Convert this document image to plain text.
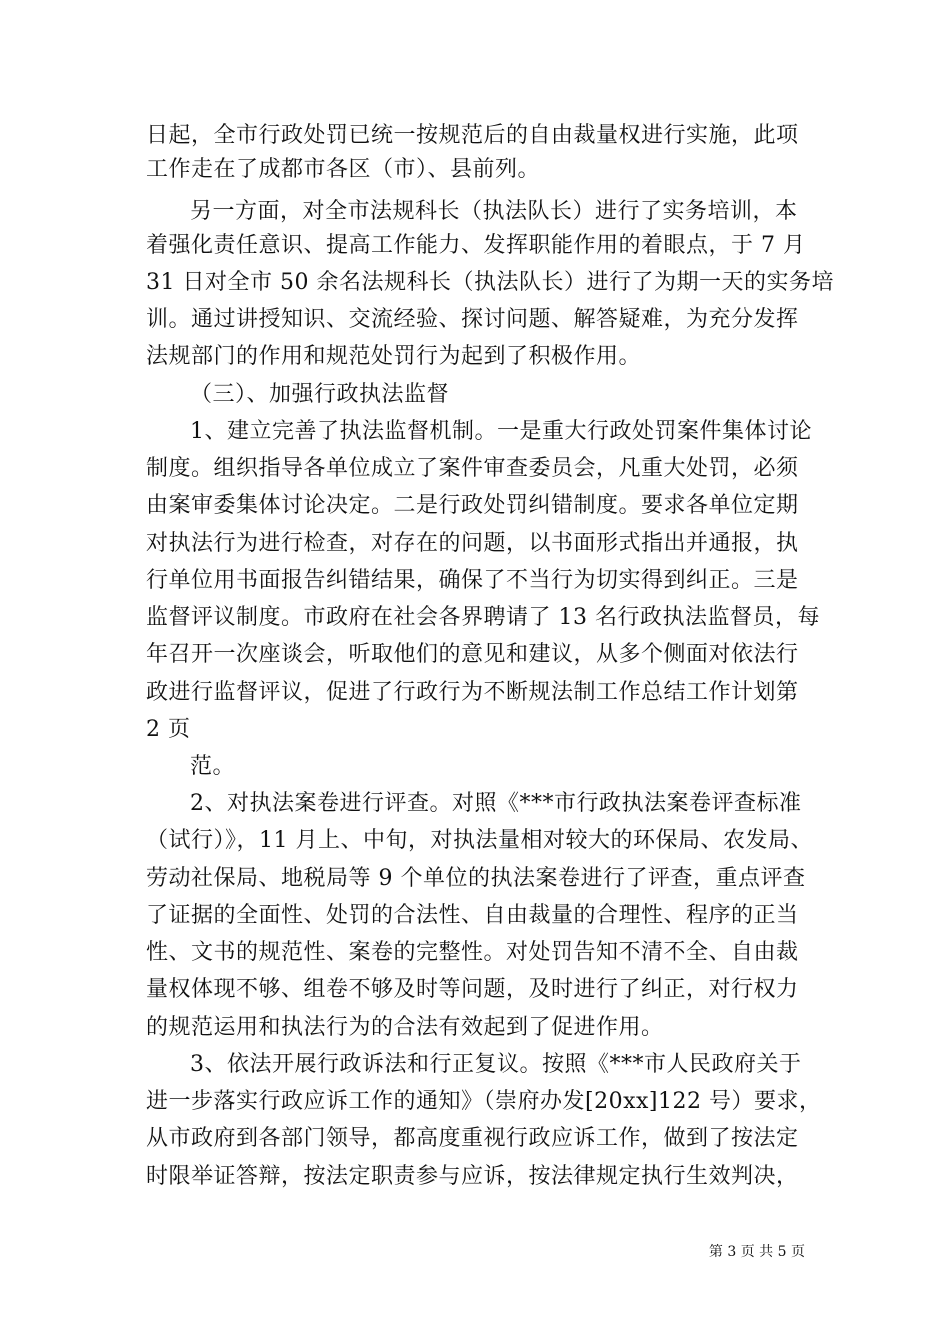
日起，全市行政处罚已统一按规范后的自由裁量权进行实施，此项
工作走在了成都市各区（市）、县前列。
另一方面，对全市法规科长（执法队长）进行了实务培训，本
着强化责任意识、提高工作能力、发挥职能作用的着眼点，于 7 月
31 日对全市 50 余名法规科长（执法队长）进行了为期一天的实务培
训。通过讲授知识、交流经验、探讨问题、解答疑难，为充分发挥
法规部门的作用和规范处罚行为起到了积极作用。
（三）、加强行政执法监督
1、建立完善了执法监督机制。一是重大行政处罚案件集体讨论
制度。组织指导各单位成立了案件审查委员会，凡重大处罚，必须
由案审委集体讨论决定。二是行政处罚纠错制度。要求各单位定期
对执法行为进行检查，对存在的问题，以书面形式指出并通报，执
行单位用书面报告纠错结果，确保了不当行为切实得到纠正。三是
监督评议制度。市政府在社会各界聘请了 13 名行政执法监督员，每
年召开一次座谈会，听取他们的意见和建议，从多个侧面对依法行
政进行监督评议，促进了行政行为不断规法制工作总结工作计划第
2 页
范。
2、对执法案卷进行评查。对照《***市行政执法案卷评查标准
（试行）》，11 月上、中旬，对执法量相对较大的环保局、农发局、
劳动社保局、地税局等 9 个单位的执法案卷进行了评查，重点评查
了证据的全面性、处罚的合法性、自由裁量的合理性、程序的正当
性、文书的规范性、案卷的完整性。对处罚告知不清不全、自由裁
量权体现不够、组卷不够及时等问题，及时进行了纠正，对行权力
的规范运用和执法行为的合法有效起到了促进作用。
3、依法开展行政诉法和行正复议。按照《***市人民政府关于
进一步落实行政应诉工作的通知》（崇府办发[20xx]122 号）要求，
从市政府到各部门领导，都高度重视行政应诉工作，做到了按法定
时限举证答辩，按法定职责参与应诉，按法律规定执行生效判决，
第 3 页 共 5 页
